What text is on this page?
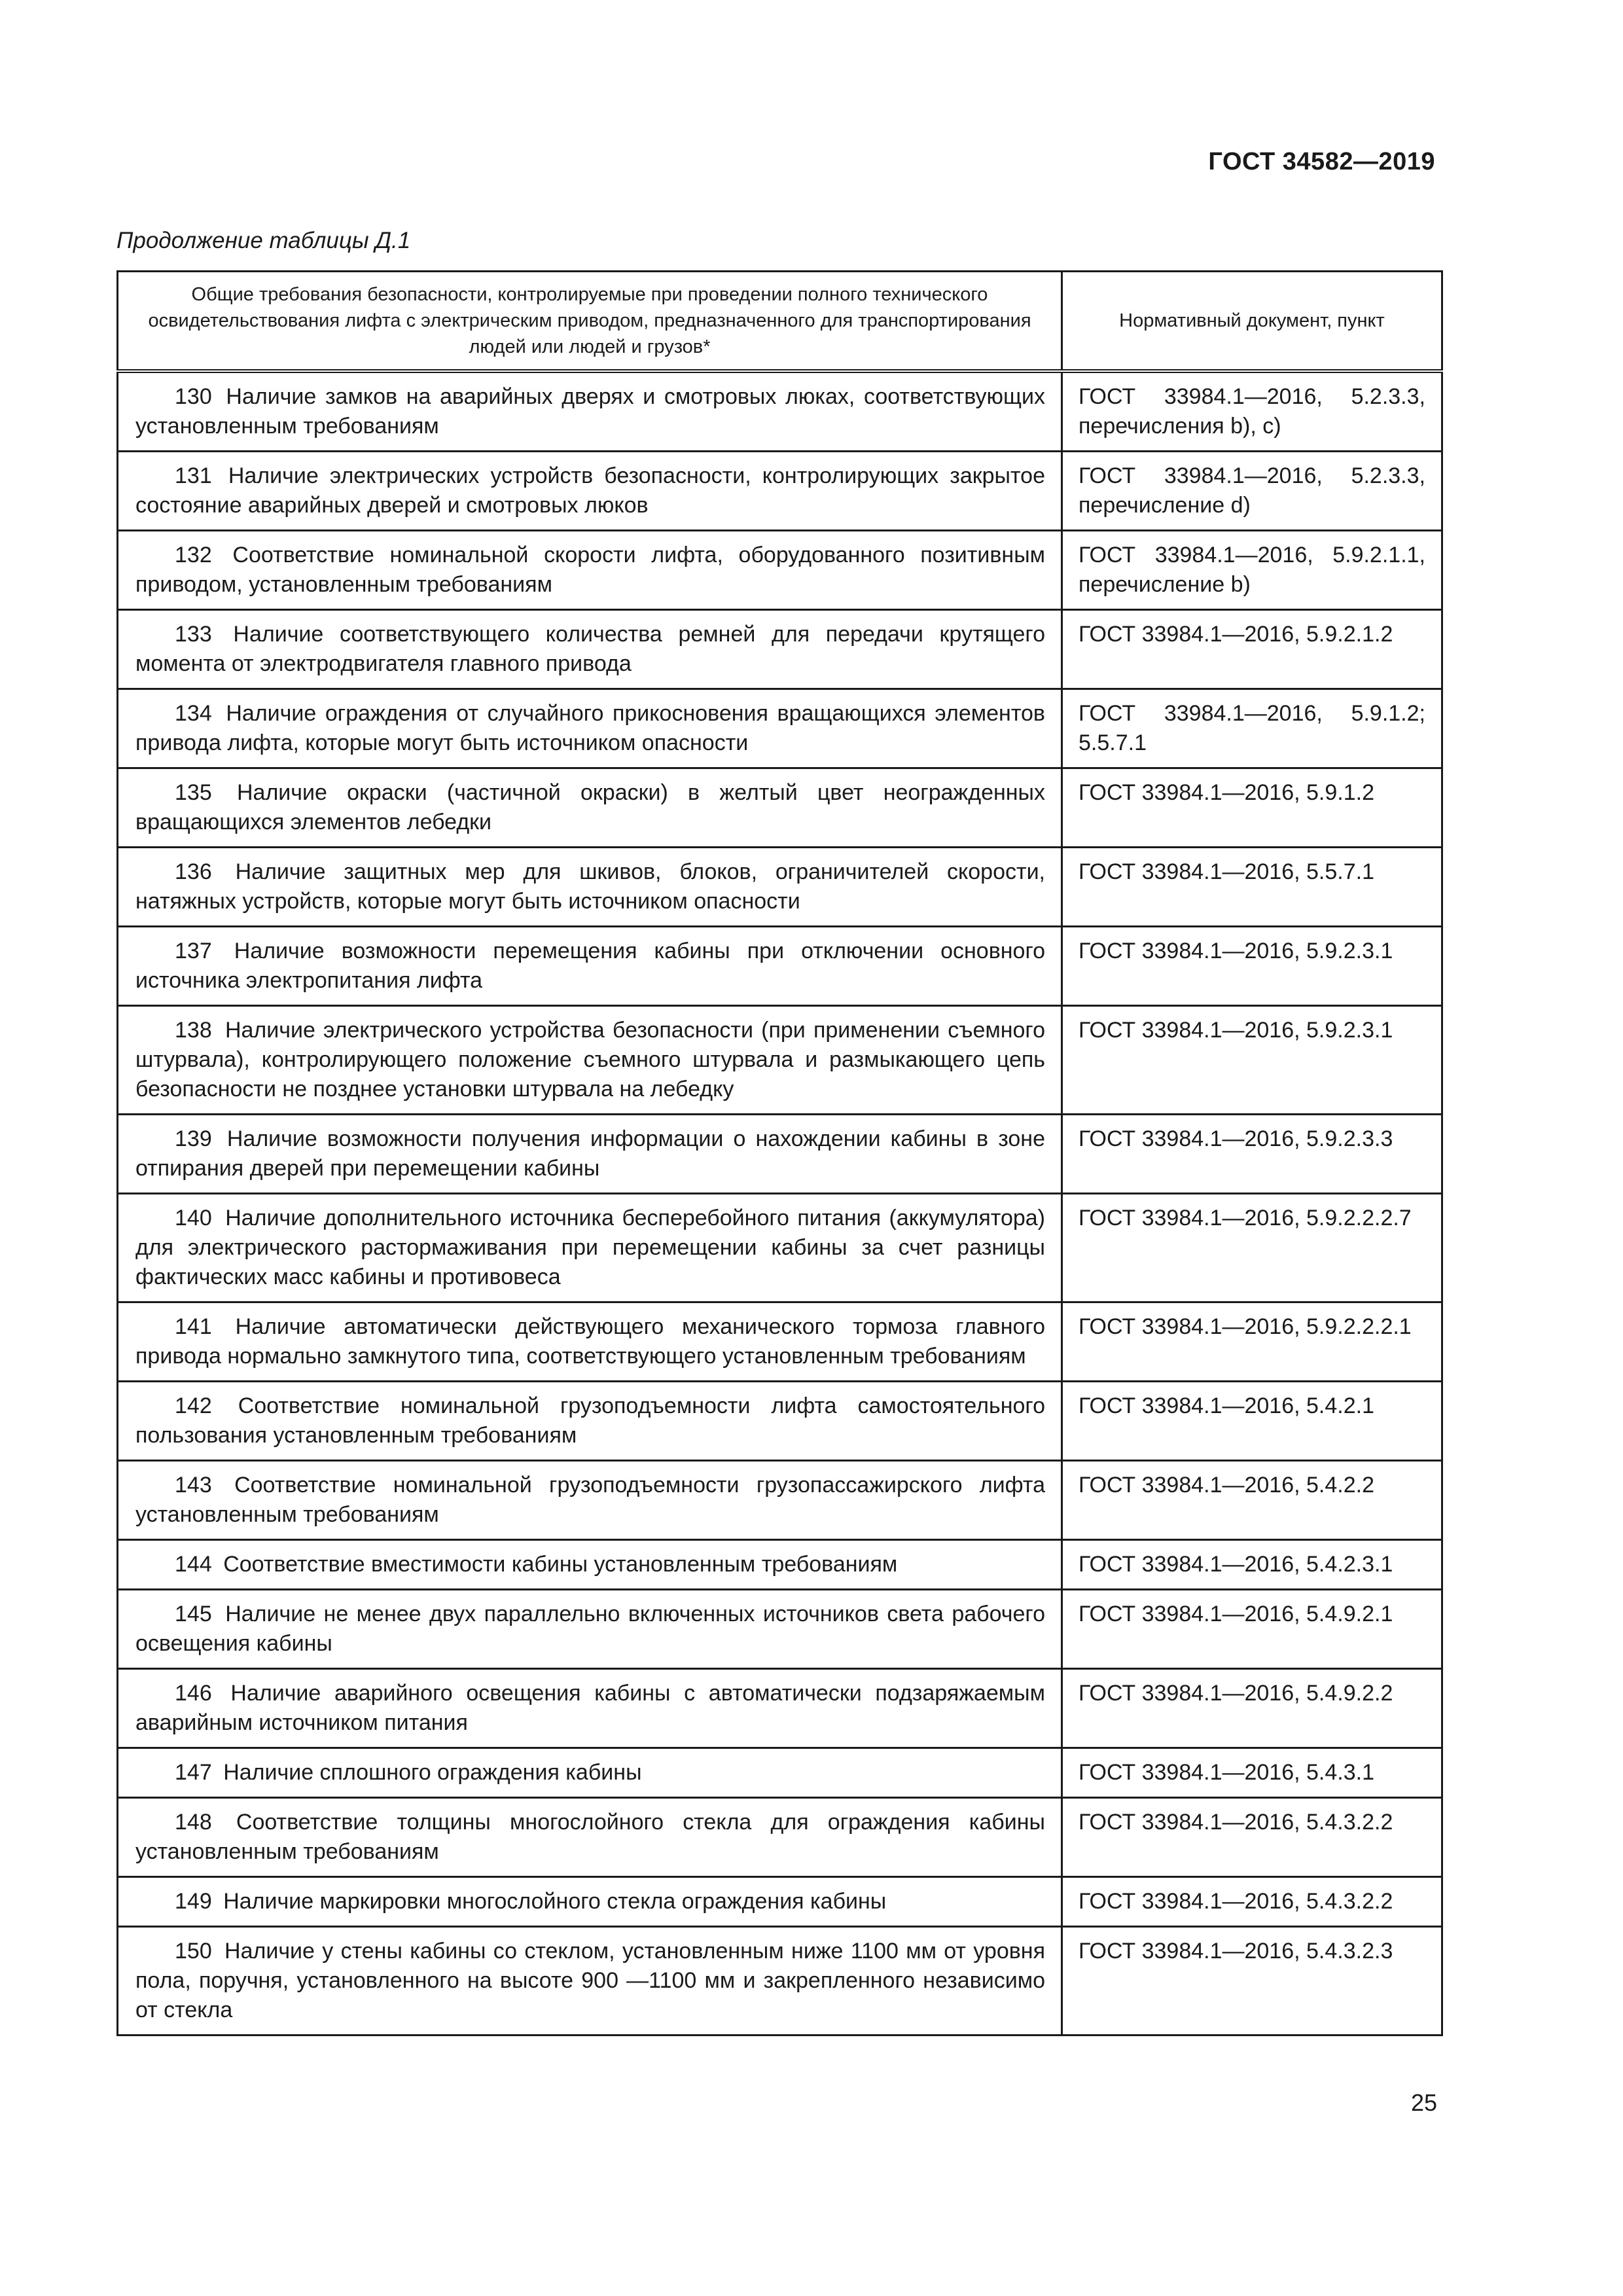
ГОСТ 34582—2019
Продолжение таблицы Д.1
Общие требования безопасности, контролируемые при проведении полного технического освидетельствования лифта с электрическим приводом, предназначенного для транспортирования людей или людей и грузов*	Нормативный документ, пункт
130 Наличие замков на аварийных дверях и смотровых люках, соответствующих установленным требованиям	ГОСТ 33984.1—2016, 5.2.3.3, перечисления b), c)
131 Наличие электрических устройств безопасности, контролирующих закрытое состояние аварийных дверей и смотровых люков	ГОСТ 33984.1—2016, 5.2.3.3, перечисление d)
132 Соответствие номинальной скорости лифта, оборудованного позитивным приводом, установленным требованиям	ГОСТ 33984.1—2016, 5.9.2.1.1, перечисление b)
133 Наличие соответствующего количества ремней для передачи крутящего момента от электродвигателя главного привода	ГОСТ 33984.1—2016, 5.9.2.1.2
134 Наличие ограждения от случайного прикосновения вращающихся элементов привода лифта, которые могут быть источником опасности	ГОСТ 33984.1—2016, 5.9.1.2; 5.5.7.1
135 Наличие окраски (частичной окраски) в желтый цвет неогражденных вращающихся элементов лебедки	ГОСТ 33984.1—2016, 5.9.1.2
136 Наличие защитных мер для шкивов, блоков, ограничителей скорости, натяжных устройств, которые могут быть источником опасности	ГОСТ 33984.1—2016, 5.5.7.1
137 Наличие возможности перемещения кабины при отключении основного источника электропитания лифта	ГОСТ 33984.1—2016, 5.9.2.3.1
138 Наличие электрического устройства безопасности (при применении съемного штурвала), контролирующего положение съемного штурвала и размыкающего цепь безопасности не позднее установки штурвала на лебедку	ГОСТ 33984.1—2016, 5.9.2.3.1
139 Наличие возможности получения информации о нахождении кабины в зоне отпирания дверей при перемещении кабины	ГОСТ 33984.1—2016, 5.9.2.3.3
140 Наличие дополнительного источника бесперебойного питания (аккумулятора) для электрического растормаживания при перемещении кабины за счет разницы фактических масс кабины и противовеса	ГОСТ 33984.1—2016, 5.9.2.2.2.7
141 Наличие автоматически действующего механического тормоза главного привода нормально замкнутого типа, соответствующего установленным требованиям	ГОСТ 33984.1—2016, 5.9.2.2.2.1
142 Соответствие номинальной грузоподъемности лифта самостоятельного пользования установленным требованиям	ГОСТ 33984.1—2016, 5.4.2.1
143 Соответствие номинальной грузоподъемности грузопассажирского лифта установленным требованиям	ГОСТ 33984.1—2016, 5.4.2.2
144 Соответствие вместимости кабины установленным требованиям	ГОСТ 33984.1—2016, 5.4.2.3.1
145 Наличие не менее двух параллельно включенных источников света рабочего освещения кабины	ГОСТ 33984.1—2016, 5.4.9.2.1
146 Наличие аварийного освещения кабины с автоматически подзаряжаемым аварийным источником питания	ГОСТ 33984.1—2016, 5.4.9.2.2
147 Наличие сплошного ограждения кабины	ГОСТ 33984.1—2016, 5.4.3.1
148 Соответствие толщины многослойного стекла для ограждения кабины установленным требованиям	ГОСТ 33984.1—2016, 5.4.3.2.2
149 Наличие маркировки многослойного стекла ограждения кабины	ГОСТ 33984.1—2016, 5.4.3.2.2
150 Наличие у стены кабины со стеклом, установленным ниже 1100 мм от уровня пола, поручня, установленного на высоте 900 —1100 мм и закрепленного независимо от стекла	ГОСТ 33984.1—2016, 5.4.3.2.3
25
